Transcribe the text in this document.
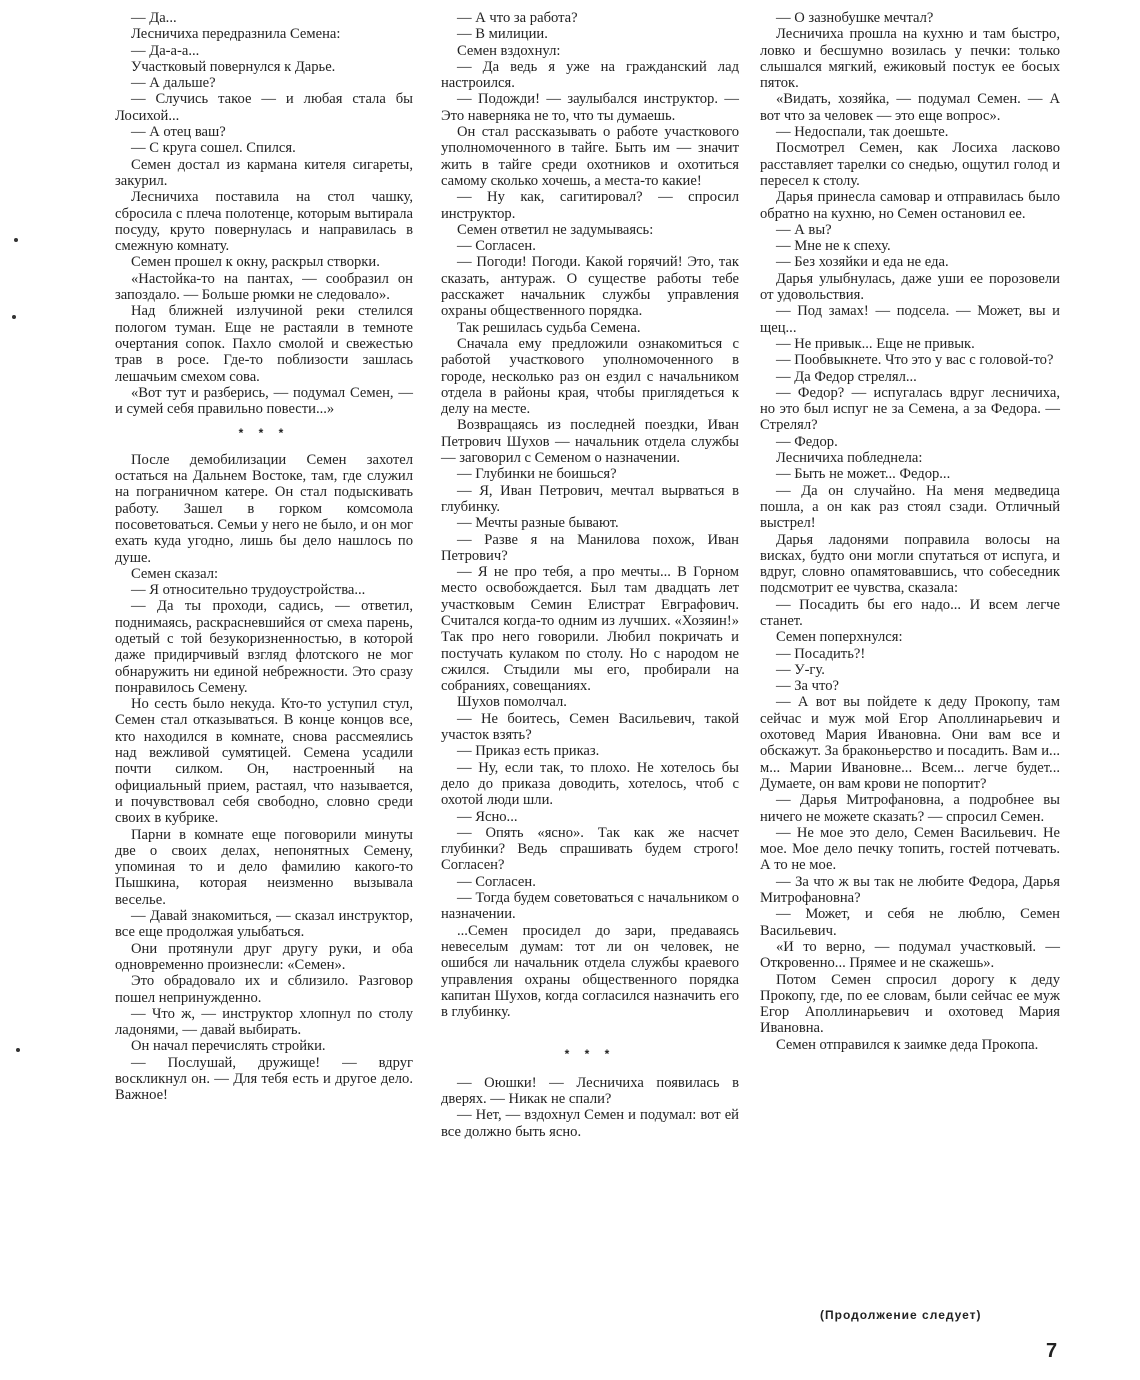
— Да...

Лесничиха передразнила Семена:

— Да-а-а...

Участковый повернулся к Дарье.

— А дальше?

— Случись такое — и любая стала бы Лосихой...

— А отец ваш?

— С круга сошел. Спился.

Семен достал из кармана кителя сигареты, закурил.

Лесничиха поставила на стол чашку, сбросила с плеча полотенце, которым вытирала посуду, круто повернулась и направилась в смежную комнату.

Семен прошел к окну, раскрыл створки.

«Настойка-то на пантах, — сообразил он запоздало. — Больше рюмки не следовало».

Над ближней излучиной реки стелился пологом туман. Еще не растаяли в темноте очертания сопок. Пахло смолой и свежестью трав в росе. Где-то поблизости зашлась лешачьим смехом сова.

«Вот тут и разберись, — подумал Семен, — и сумей себя правильно повести...»

* * *

После демобилизации Семен захотел остаться на Дальнем Востоке, там, где служил на пограничном катере. Он стал подыскивать работу. Зашел в горком комсомола посоветоваться. Семьи у него не было, и он мог ехать куда угодно, лишь бы дело нашлось по душе.

Семен сказал:

— Я относительно трудоустройства...

— Да ты проходи, садись, — ответил, поднимаясь, раскрасневшийся от смеха парень, одетый с той безукоризненностью, в которой даже придирчивый взгляд флотского не мог обнаружить ни единой небрежности. Это сразу понравилось Семену.

Но сесть было некуда. Кто-то уступил стул, Семен стал отказываться. В конце концов все, кто находился в комнате, снова рассмеялись над вежливой сумятицей. Семена усадили почти силком. Он, настроенный на официальный прием, растаял, что называется, и почувствовал себя свободно, словно среди своих в кубрике.

Парни в комнате еще поговорили минуты две о своих делах, непонятных Семену, упоминая то и дело фамилию какого-то Пышкина, которая неизменно вызывала веселье.

— Давай знакомиться, — сказал инструктор, все еще продолжая улыбаться.

Они протянули друг другу руки, и оба одновременно произнесли: «Семен».

Это обрадовало их и сблизило. Разговор пошел непринужденно.

— Что ж, — инструктор хлопнул по столу ладонями, — давай выбирать.

Он начал перечислять стройки.

— Послушай, дружище! — вдруг воскликнул он. — Для тебя есть и другое дело. Важное!

— А что за работа?

— В милиции.

Семен вздохнул:

— Да ведь я уже на гражданский лад настроился.

— Подожди! — заулыбался инструктор. — Это наверняка не то, что ты думаешь.

Он стал рассказывать о работе участкового уполномоченного в тайге. Быть им — значит жить в тайге среди охотников и охотиться самому сколько хочешь, а места-то какие!

— Ну как, сагитировал? — спросил инструктор.

Семен ответил не задумываясь:

— Согласен.

— Погоди! Погоди. Какой горячий! Это, так сказать, антураж. О существе работы тебе расскажет начальник службы управления охраны общественного порядка.

Так решилась судьба Семена.

Сначала ему предложили ознакомиться с работой участкового уполномоченного в городе, несколько раз он ездил с начальником отдела в районы края, чтобы приглядеться к делу на месте.

Возвращаясь из последней поездки, Иван Петрович Шухов — начальник отдела службы — заговорил с Семеном о назначении.

— Глубинки не боишься?

— Я, Иван Петрович, мечтал вырваться в глубинку.

— Мечты разные бывают.

— Разве я на Манилова похож, Иван Петрович?

— Я не про тебя, а про мечты... В Горном место освобождается. Был там двадцать лет участковым Семин Елистрат Евграфович. Считался когда-то одним из лучших. «Хозяин!» Так про него говорили. Любил покричать и постучать кулаком по столу. Но с народом не сжился. Стыдили мы его, пробирали на собраниях, совещаниях.

Шухов помолчал.

— Не боитесь, Семен Васильевич, такой участок взять?

— Приказ есть приказ.

— Ну, если так, то плохо. Не хотелось бы дело до приказа доводить, хотелось, чтоб с охотой люди шли.

— Ясно...

— Опять «ясно». Так как же насчет глубинки? Ведь спрашивать будем строго! Согласен?

— Согласен.

— Тогда будем советоваться с начальником о назначении.

...Семен просидел до зари, предаваясь невеселым думам: тот ли он человек, не ошибся ли начальник отдела службы краевого управления охраны общественного порядка капитан Шухов, когда согласился назначить его в глубинку.

* * *

— Оюшки! — Лесничиха появилась в дверях. — Никак не спали?

— Нет, — вздохнул Семен и подумал: вот ей все должно быть ясно.

— О зазнобушке мечтал?

Лесничиха прошла на кухню и там быстро, ловко и бесшумно возилась у печки: только слышался мягкий, ежиковый постук ее босых пяток.

«Видать, хозяйка, — подумал Семен. — А вот что за человек — это еще вопрос».

— Недоспали, так доешьте.

Посмотрел Семен, как Лосиха ласково расставляет тарелки со снедью, ощутил голод и пересел к столу.

Дарья принесла самовар и отправилась было обратно на кухню, но Семен остановил ее.

— А вы?

— Мне не к спеху.

— Без хозяйки и еда не еда.

Дарья улыбнулась, даже уши ее порозовели от удовольствия.

— Под замах! — подсела. — Может, вы и щец...

— Не привык... Еще не привык.

— Пообвыкнете. Что это у вас с головой-то?

— Да Федор стрелял...

— Федор? — испугалась вдруг лесничиха, но это был испуг не за Семена, а за Федора. — Стрелял?

— Федор.

Лесничиха побледнела:

— Быть не может... Федор...

— Да он случайно. На меня медведица пошла, а он как раз стоял сзади. Отличный выстрел!

Дарья ладонями поправила волосы на висках, будто они могли спутаться от испуга, и вдруг, словно опамятовавшись, что собеседник подсмотрит ее чувства, сказала:

— Посадить бы его надо... И всем легче станет.

Семен поперхнулся:

— Посадить?!

— У-гу.

— За что?

— А вот вы пойдете к деду Прокопу, там сейчас и муж мой Егор Аполлинарьевич и охотовед Мария Ивановна. Они вам все и обскажут. За браконьерство и посадить. Вам и... м... Марии Ивановне... Всем... легче будет... Думаете, он вам крови не попортит?

— Дарья Митрофановна, а подробнее вы ничего не можете сказать? — спросил Семен.

— Не мое это дело, Семен Васильевич. Не мое. Мое дело печку топить, гостей потчевать. А то не мое.

— За что ж вы так не любите Федора, Дарья Митрофановна?

— Может, и себя не люблю, Семен Васильевич.

«И то верно, — подумал участковый. — Откровенно... Прямее и не скажешь».

Потом Семен спросил дорогу к деду Прокопу, где, по ее словам, были сейчас ее муж Егор Аполлинарьевич и охотовед Мария Ивановна.

Семен отправился к заимке деда Прокопа.

(Продолжение следует)
7
